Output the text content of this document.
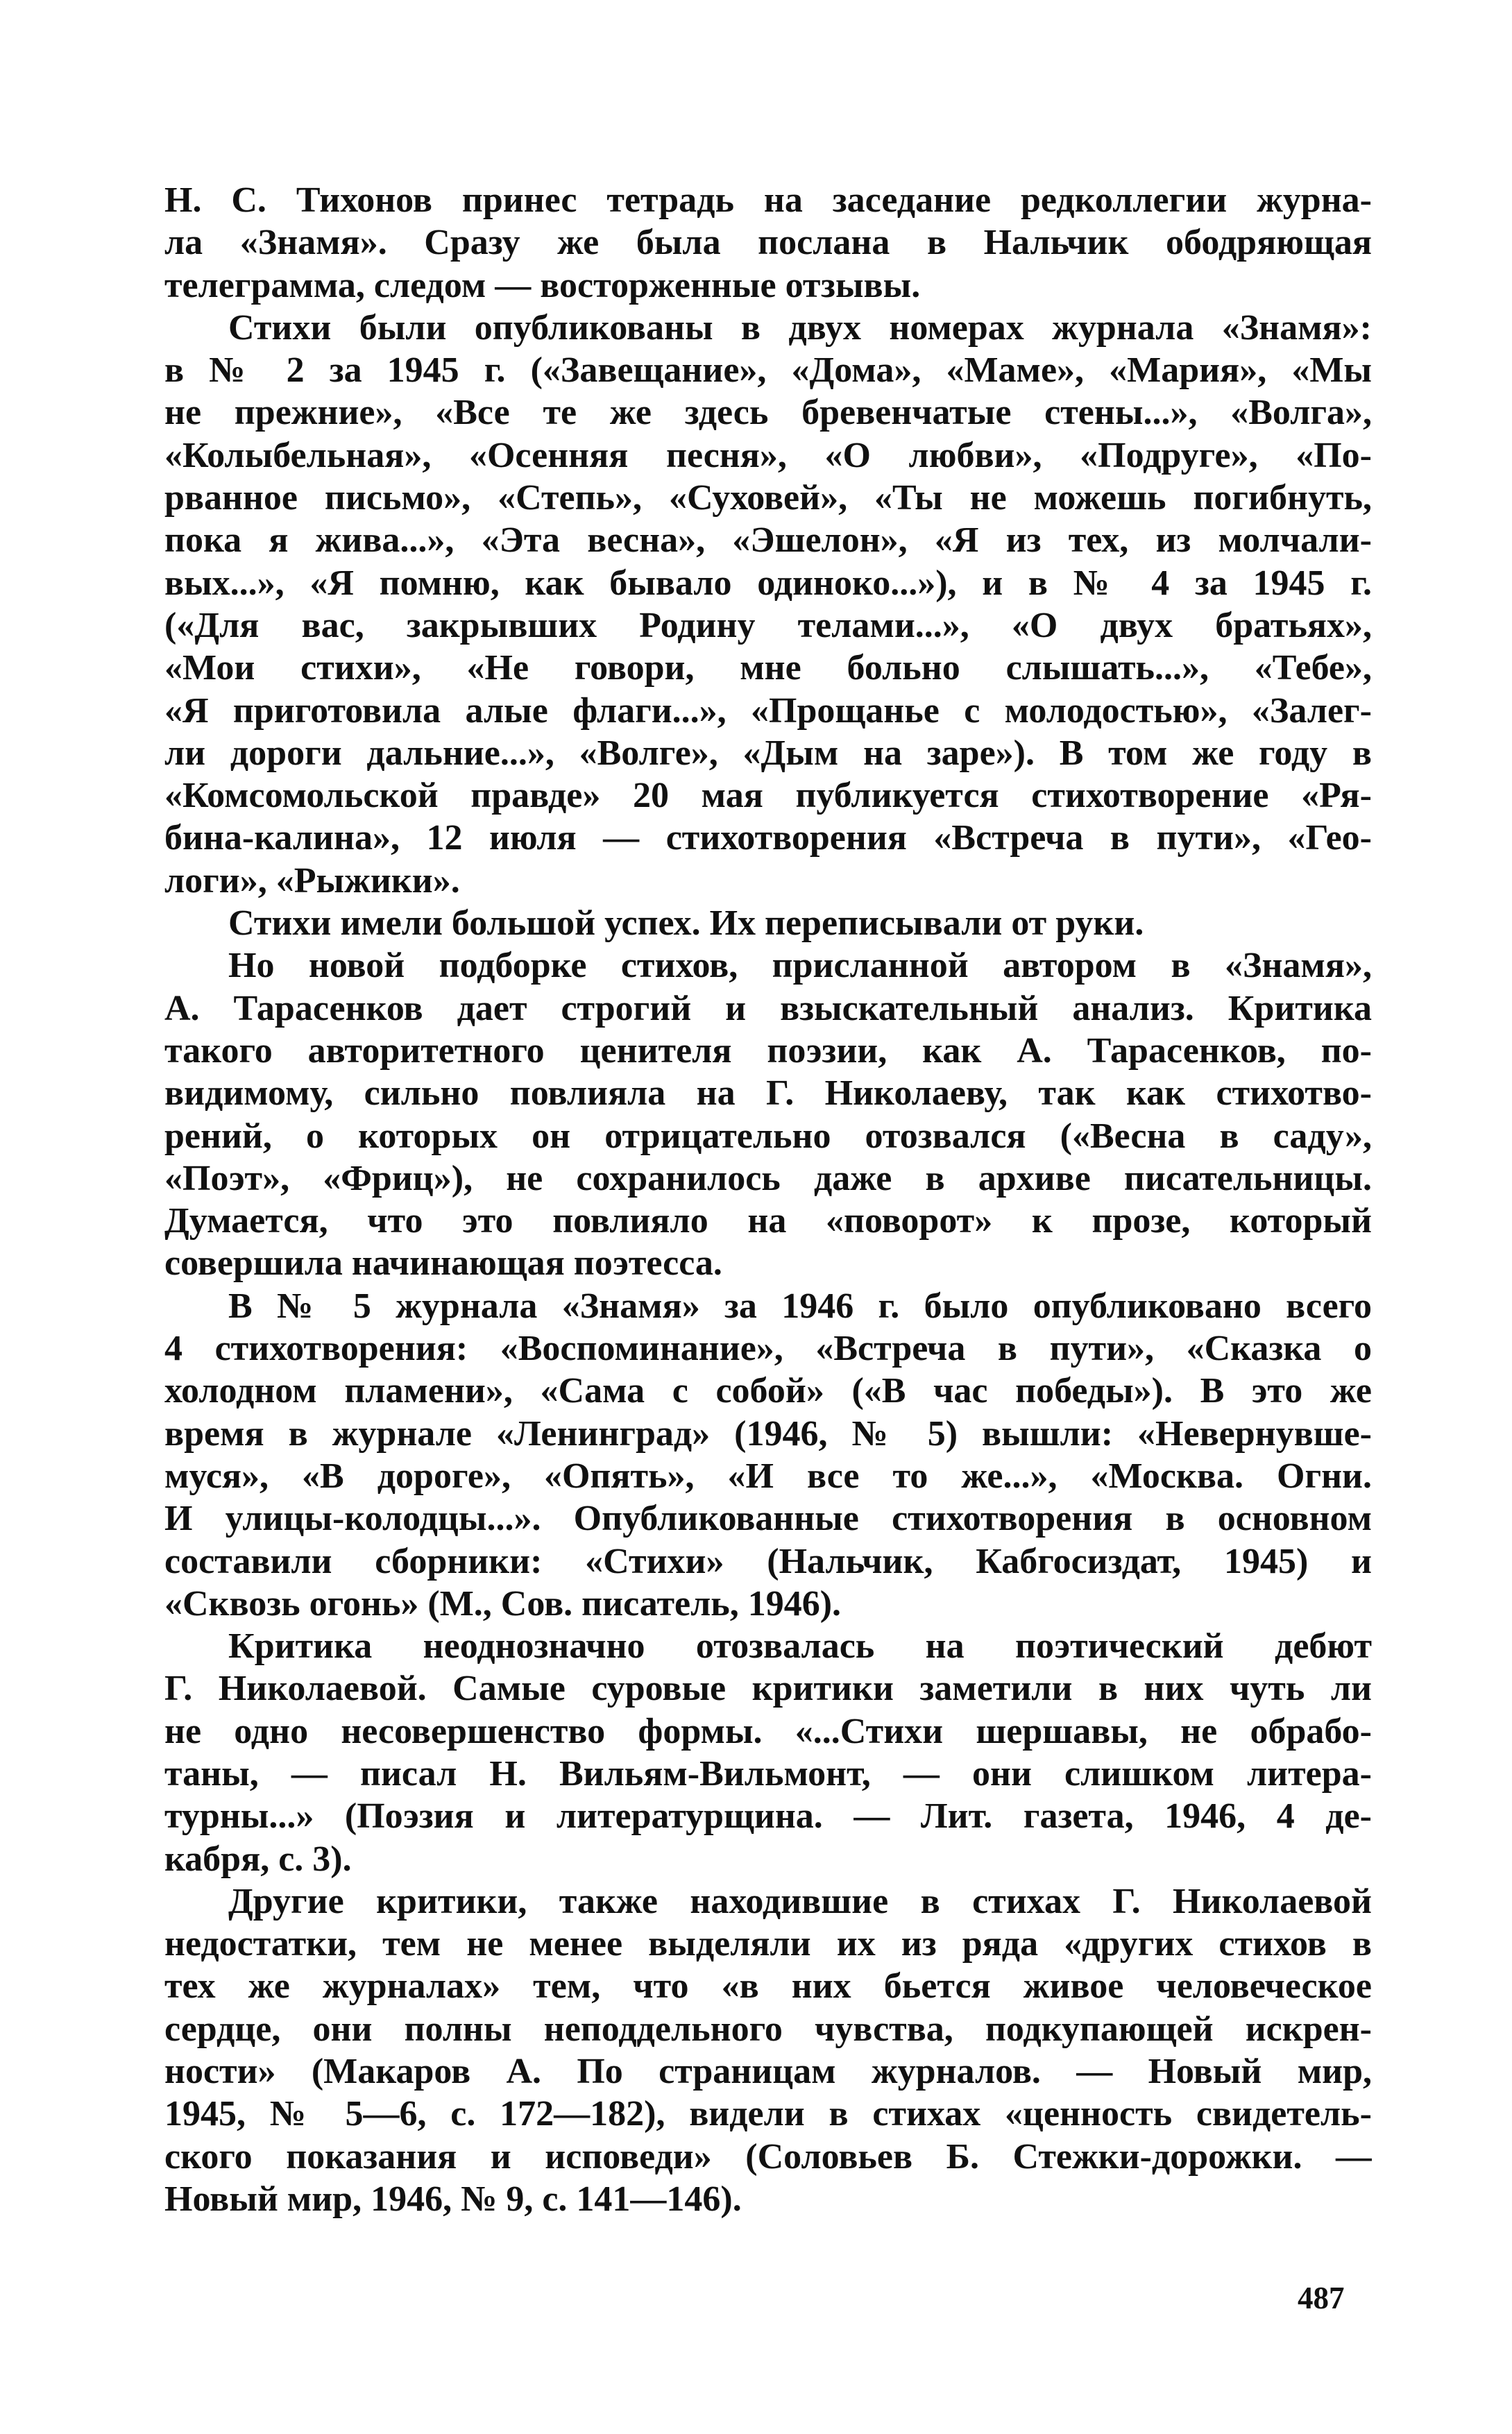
Н. С. Тихонов принес тетрадь на заседание редколлегии журна-
ла «Знамя». Сразу же была послана в Нальчик ободряющая
телеграмма, следом — восторженные отзывы.
Стихи были опубликованы в двух номерах журнала «Знамя»:
в № 2 за 1945 г. («Завещание», «Дома», «Маме», «Мария», «Мы
не прежние», «Все те же здесь бревенчатые стены...», «Волга»,
«Колыбельная», «Осенняя песня», «О любви», «Подруге», «По-
рванное письмо», «Степь», «Суховей», «Ты не можешь погибнуть,
пока я жива...», «Эта весна», «Эшелон», «Я из тех, из молчали-
вых...», «Я помню, как бывало одиноко...»), и в № 4 за 1945 г.
(«Для вас, закрывших Родину телами...», «О двух братьях»,
«Мои стихи», «Не говори, мне больно слышать...», «Тебе»,
«Я приготовила алые флаги...», «Прощанье с молодостью», «Залег-
ли дороги дальние...», «Волге», «Дым на заре»). В том же году в
«Комсомольской правде» 20 мая публикуется стихотворение «Ря-
бина-калина», 12 июля — стихотворения «Встреча в пути», «Гео-
логи», «Рыжики».
Стихи имели большой успех. Их переписывали от руки.
Но новой подборке стихов, присланной автором в «Знамя»,
А. Тарасенков дает строгий и взыскательный анализ. Критика
такого авторитетного ценителя поэзии, как А. Тарасенков, по-
видимому, сильно повлияла на Г. Николаеву, так как стихотво-
рений, о которых он отрицательно отозвался («Весна в саду»,
«Поэт», «Фриц»), не сохранилось даже в архиве писательницы.
Думается, что это повлияло на «поворот» к прозе, который
совершила начинающая поэтесса.
В № 5 журнала «Знамя» за 1946 г. было опубликовано всего
4 стихотворения: «Воспоминание», «Встреча в пути», «Сказка о
холодном пламени», «Сама с собой» («В час победы»). В это же
время в журнале «Ленинград» (1946, № 5) вышли: «Невернувше-
муся», «В дороге», «Опять», «И все то же...», «Москва. Огни.
И улицы-колодцы...». Опубликованные стихотворения в основном
составили сборники: «Стихи» (Нальчик, Кабгосиздат, 1945) и
«Сквозь огонь» (М., Сов. писатель, 1946).
Критика неоднозначно отозвалась на поэтический дебют
Г. Николаевой. Самые суровые критики заметили в них чуть ли
не одно несовершенство формы. «...Стихи шершавы, не обрабо-
таны, — писал Н. Вильям-Вильмонт, — они слишком литера-
турны...» (Поэзия и литературщина. — Лит. газета, 1946, 4 де-
кабря, с. 3).
Другие критики, также находившие в стихах Г. Николаевой
недостатки, тем не менее выделяли их из ряда «других стихов в
тех же журналах» тем, что «в них бьется живое человеческое
сердце, они полны неподдельного чувства, подкупающей искрен-
ности» (Макаров А. По страницам журналов. — Новый мир,
1945, № 5—6, с. 172—182), видели в стихах «ценность свидетель-
ского показания и исповеди» (Соловьев Б. Стежки-дорожки. —
Новый мир, 1946, № 9, с. 141—146).
487
